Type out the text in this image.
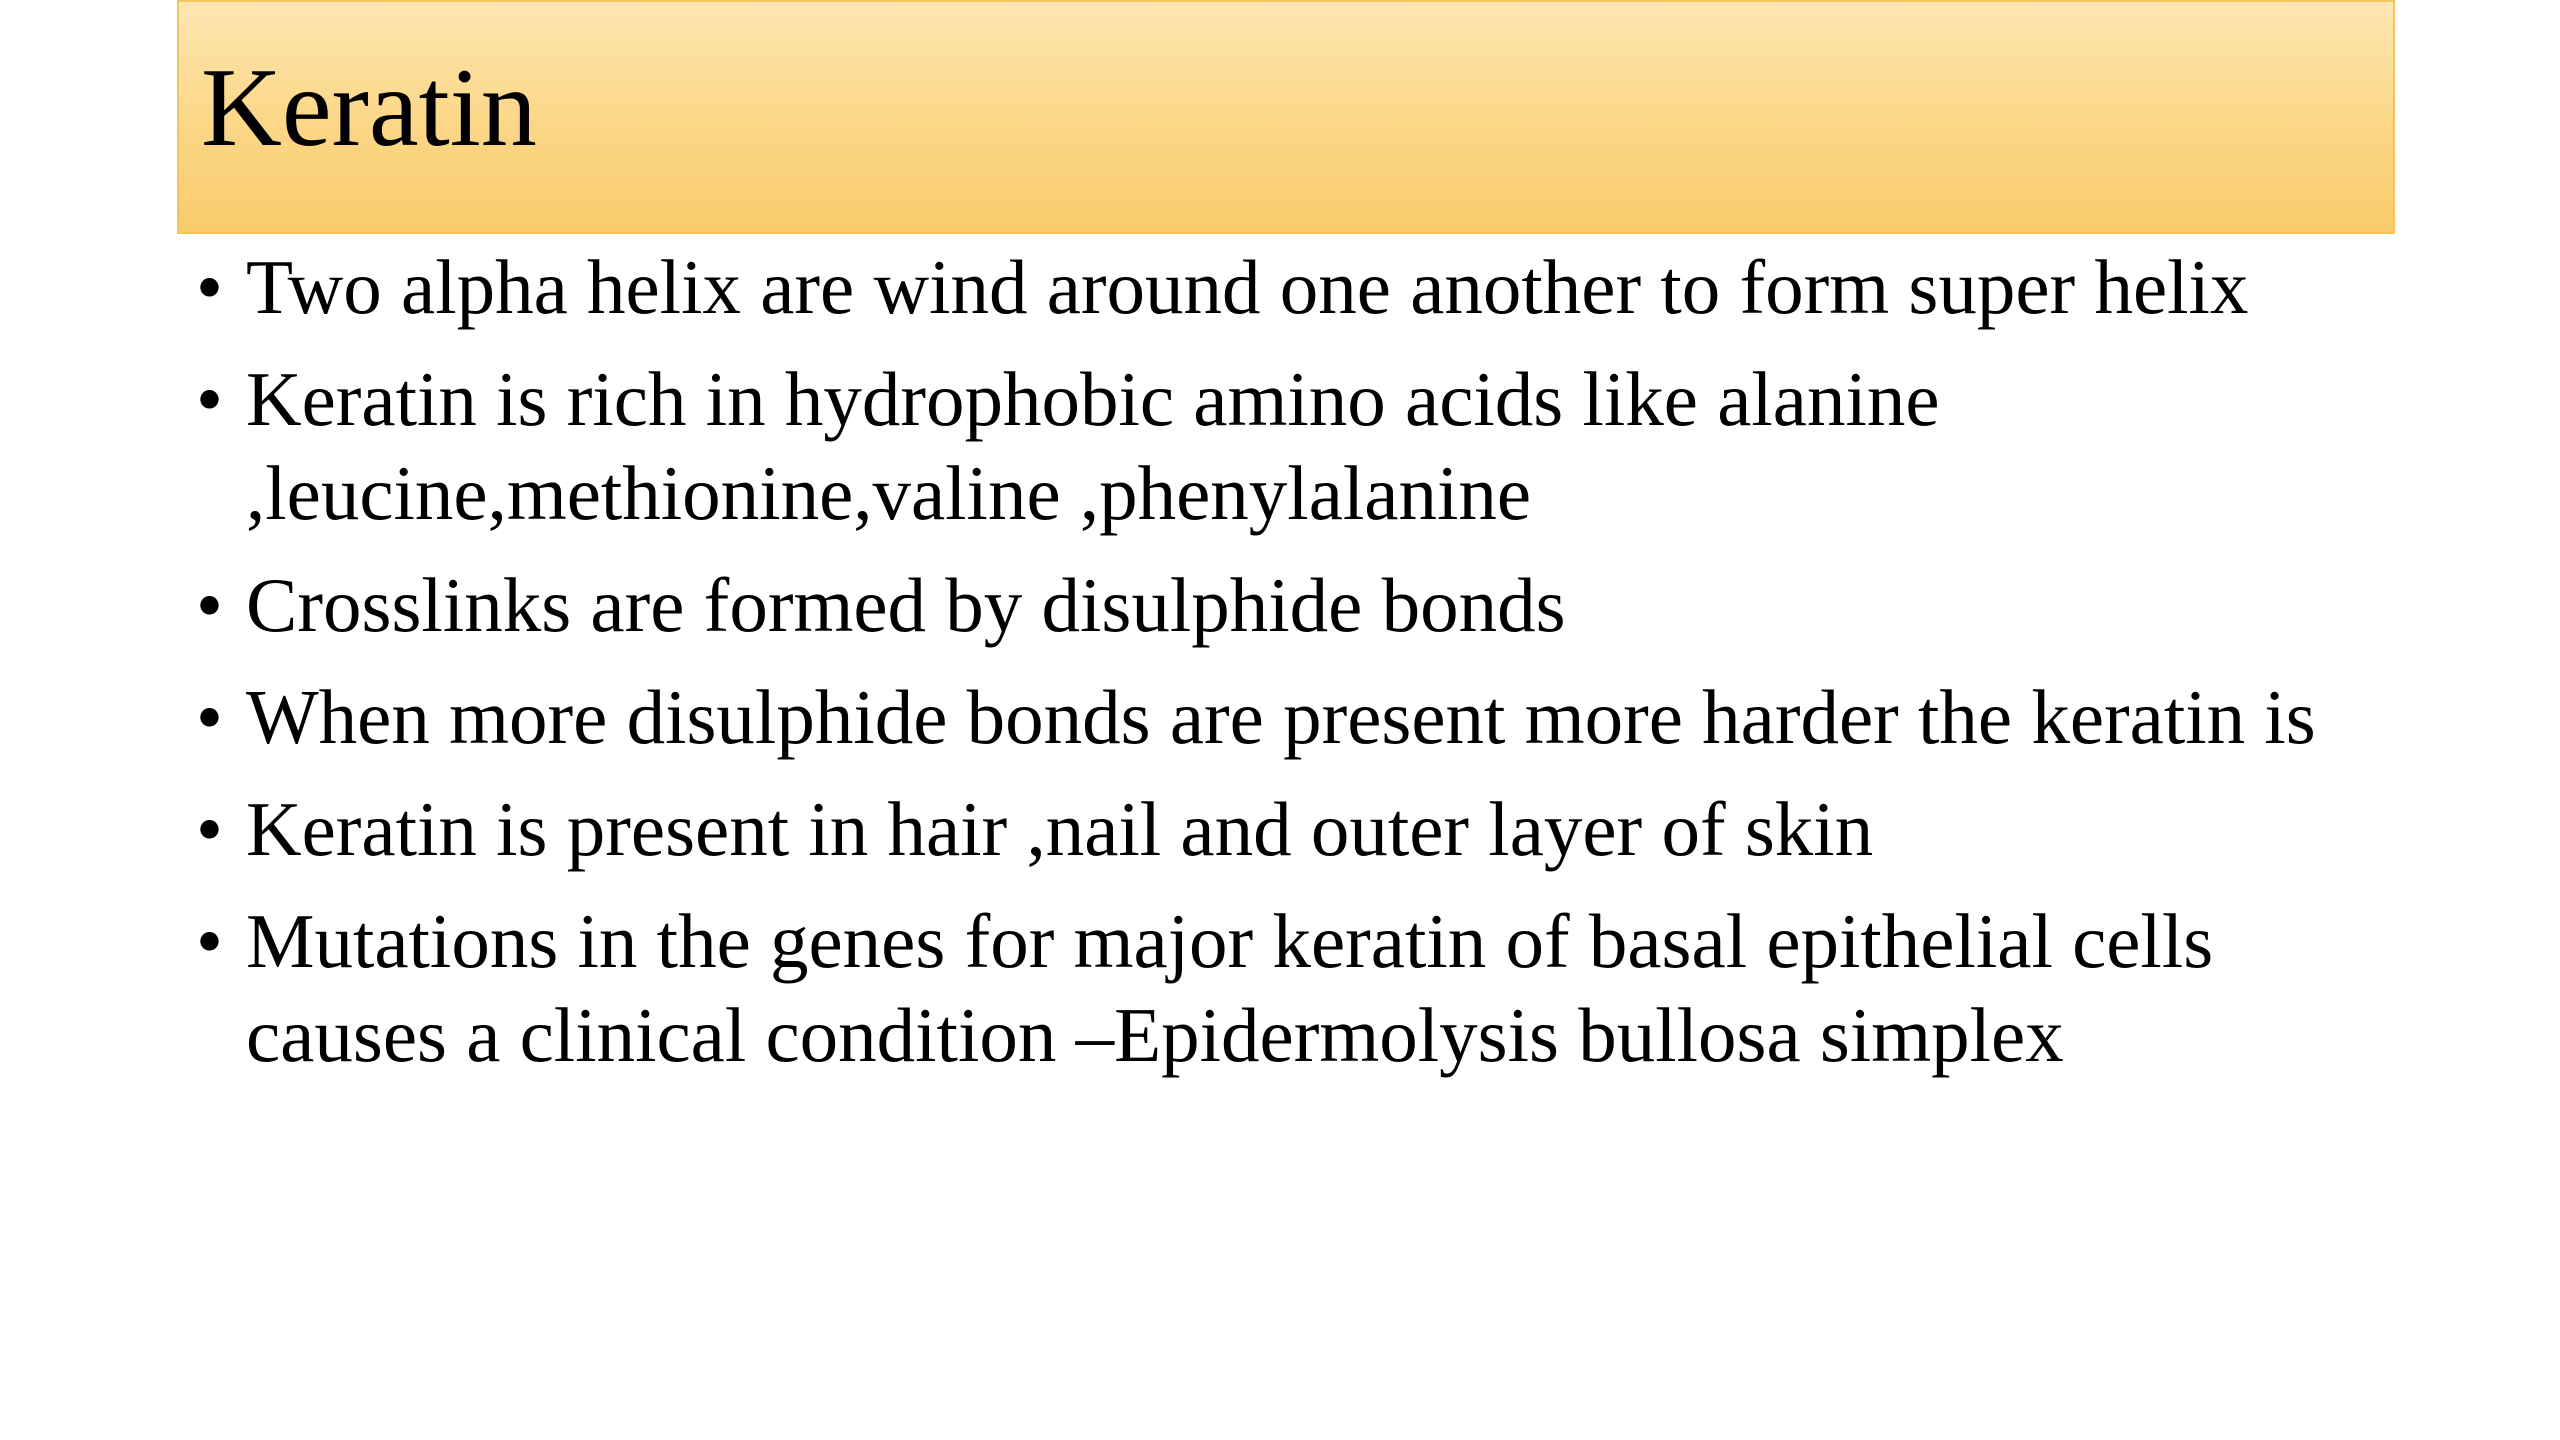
Keratin
• Two alpha helix are wind around one another to form super helix
• Keratin is rich in hydrophobic amino acids like alanine ,leucine,methionine,valine ,phenylalanine
• Crosslinks are formed by disulphide bonds
• When more disulphide bonds are present more harder the keratin is
• Keratin is present in hair ,nail and outer layer of skin
• Mutations in the genes for major keratin of basal epithelial cells causes a clinical condition –Epidermolysis bullosa simplex
